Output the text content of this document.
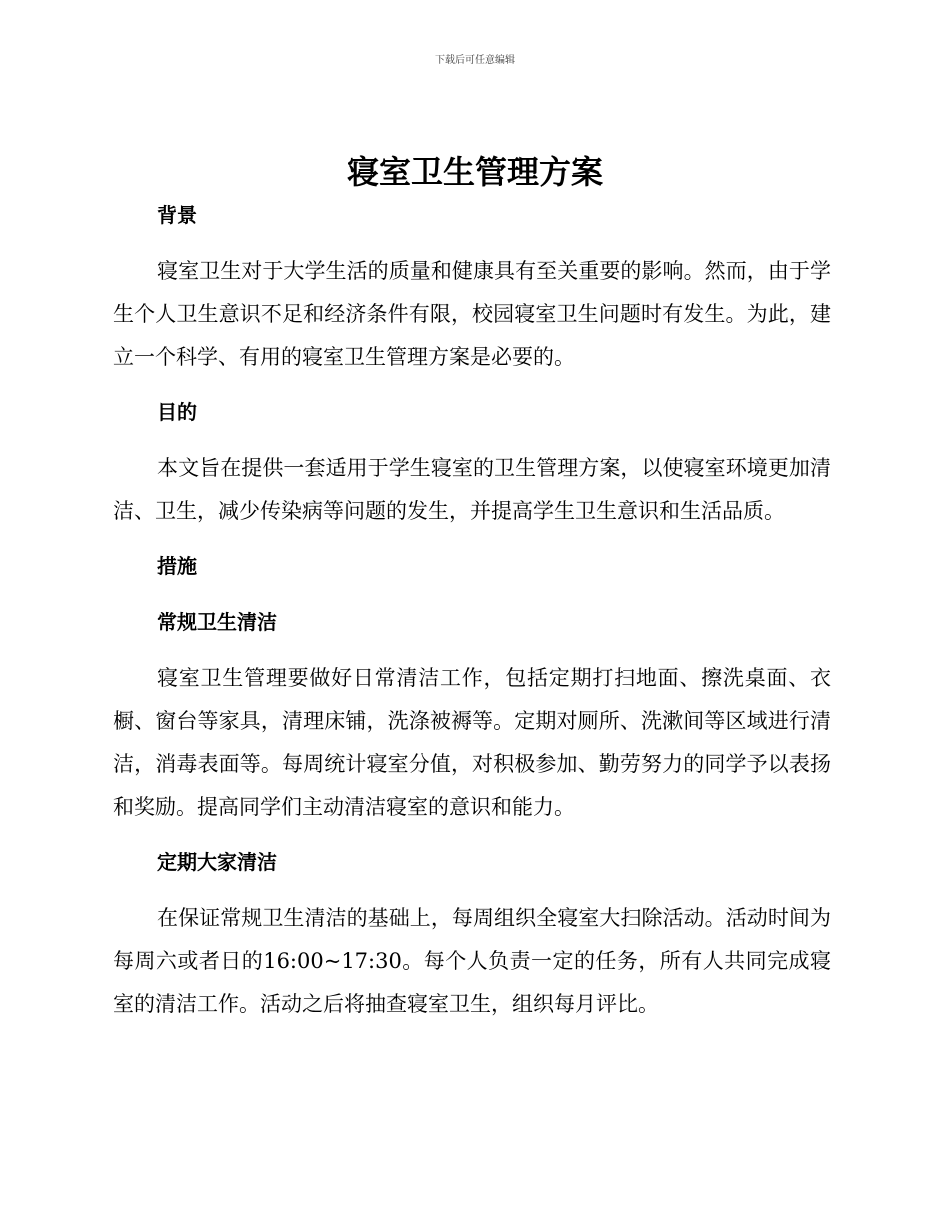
下载后可任意编辑
寝室卫生管理方案
背景

寝室卫生对于大学生活的质量和健康具有至关重要的影响。然而，由于学生个人卫生意识不足和经济条件有限，校园寝室卫生问题时有发生。为此，建立一个科学、有用的寝室卫生管理方案是必要的。

目的

本文旨在提供一套适用于学生寝室的卫生管理方案，以使寝室环境更加清洁、卫生，减少传染病等问题的发生，并提高学生卫生意识和生活品质。

措施
常规卫生清洁

寝室卫生管理要做好日常清洁工作，包括定期打扫地面、擦洗桌面、衣橱、窗台等家具，清理床铺，洗涤被褥等。定期对厕所、洗漱间等区域进行清洁，消毒表面等。每周统计寝室分值，对积极参加、勤劳努力的同学予以表扬和奖励。提高同学们主动清洁寝室的意识和能力。

定期大家清洁

在保证常规卫生清洁的基础上，每周组织全寝室大扫除活动。活动时间为每周六或者日的16:00~17:30。每个人负责一定的任务，所有人共同完成寝室的清洁工作。活动之后将抽查寝室卫生，组织每月评比。
